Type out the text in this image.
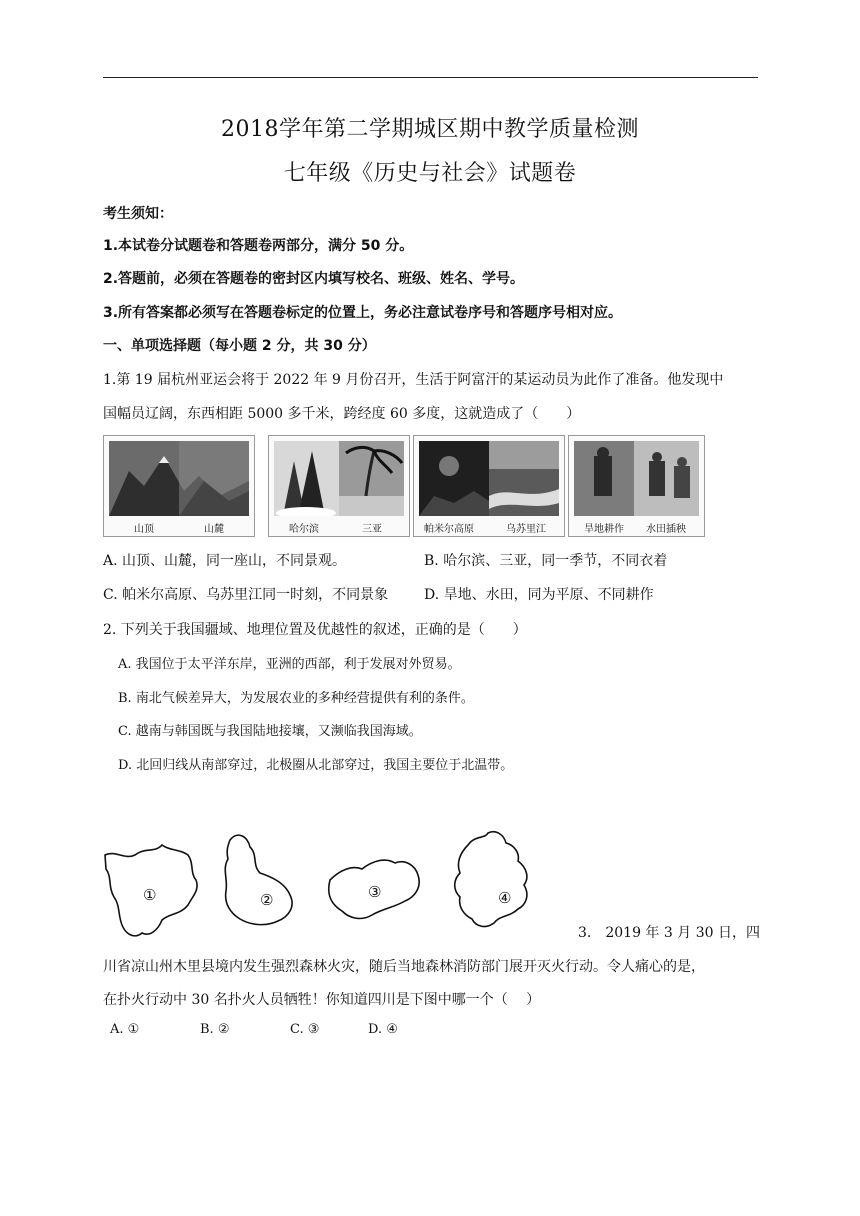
2018学年第二学期城区期中教学质量检测
七年级《历史与社会》试题卷
考生须知：
1.本试卷分试题卷和答题卷两部分，满分 50 分。
2.答题前，必须在答题卷的密封区内填写校名、班级、姓名、学号。
3.所有答案都必须写在答题卷标定的位置上，务必注意试卷序号和答题序号相对应。
一、单项选择题（每小题 2 分，共 30 分）
1.第 19 届杭州亚运会将于 2022 年 9 月份召开，生活于阿富汗的某运动员为此作了准备。他发现中
国幅员辽阔，东西相距 5000 多千米，跨经度 60 多度，这就造成了（　　）
山顶	山麓	哈尔滨	三亚	帕米尔高原	乌苏里江	旱地耕作	水田插秧
A. 山顶、山麓，同一座山，不同景观。	B. 哈尔滨、三亚，同一季节，不同衣着
C. 帕米尔高原、乌苏里江同一时刻，不同景象	D. 旱地、水田，同为平原、不同耕作
2. 下列关于我国疆域、地理位置及优越性的叙述，正确的是（　　）
A. 我国位于太平洋东岸，亚洲的西部，利于发展对外贸易。
B. 南北气候差异大，为发展农业的多种经营提供有利的条件。
C. 越南与韩国既与我国陆地接壤，又濒临我国海域。
D. 北回归线从南部穿过，北极圈从北部穿过，我国主要位于北温带。
①	②	③	④
3.　2019 年 3 月 30 日，四
川省凉山州木里县境内发生强烈森林火灾，随后当地森林消防部门展开灭火行动。令人痛心的是，
在扑火行动中 30 名扑火人员牺牲！你知道四川是下图中哪一个（　 ）
A. ①	B. ②	C. ③	D. ④
